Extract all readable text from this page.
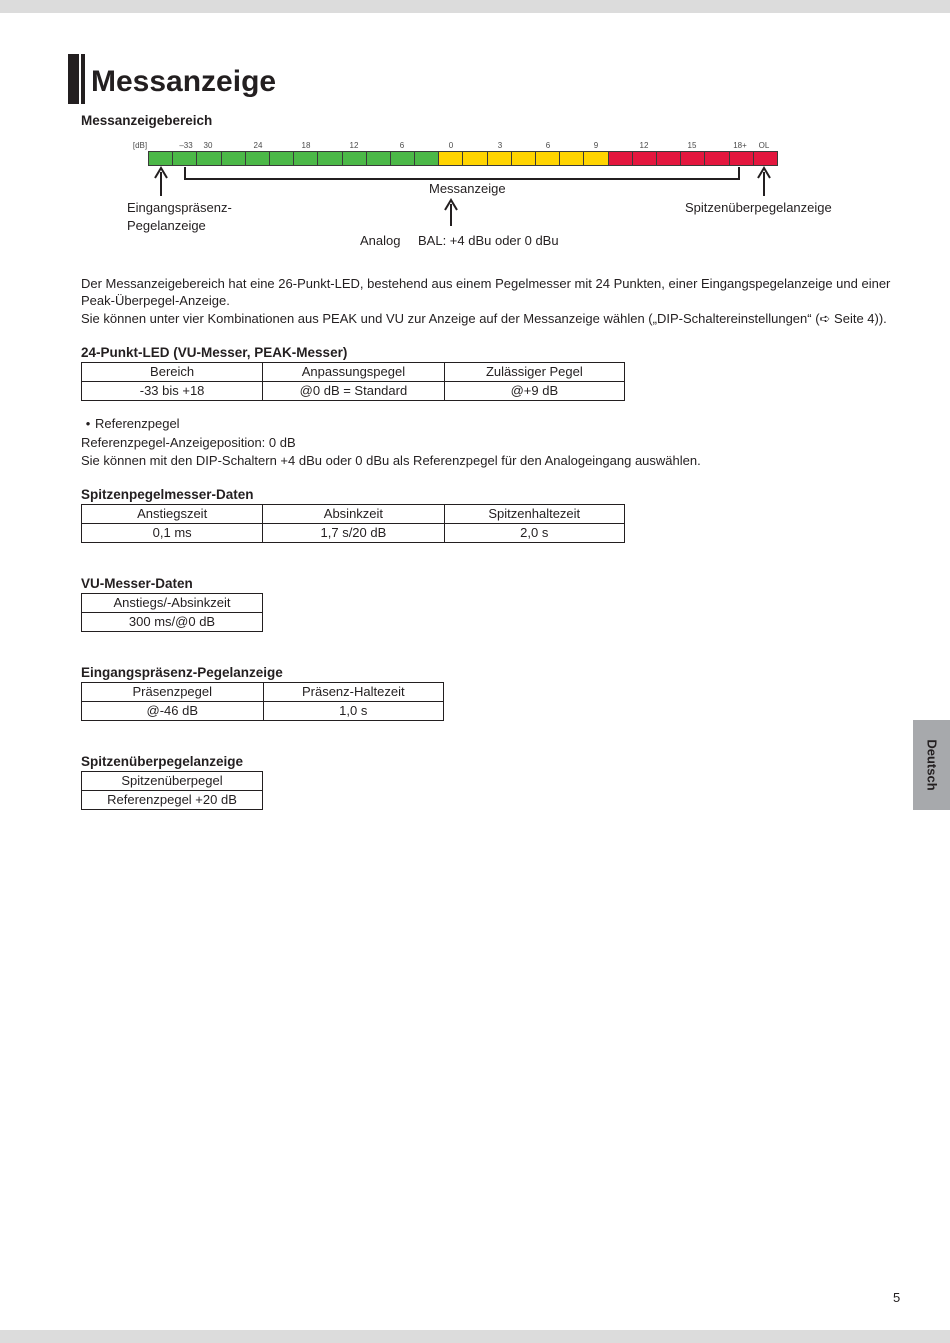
Messanzeige
Messanzeigebereich
[dB]	–33 30	24	18	12	6	0	3	6	9	12	15	18+ OL
Eingangspräsenz-
Pegelanzeige
Messanzeige
Spitzenüberpegelanzeige
Analog BAL: +4 dBu oder 0 dBu

Der Messanzeigebereich hat eine 26-Punkt-LED, bestehend aus einem Pegelmesser mit 24 Punkten, einer Eingangspegelanzeige und einer

Peak-Überpegel-Anzeige.

Sie können unter vier Kombinationen aus PEAK und VU zur Anzeige auf der Messanzeige wählen („DIP-Schaltereinstellungen“ (➪ Seite 4)).

24-Punkt-LED (VU-Messer, PEAK-Messer)
Bereich	Anpassungspegel	Zulässiger Pegel
-33 bis +18	@0 dB = Standard	@+9 dB
• Referenzpegel

Referenzpegel-Anzeigeposition: 0 dB

Sie können mit den DIP-Schaltern +4 dBu oder 0 dBu als Referenzpegel für den Analogeingang auswählen.

Spitzenpegelmesser-Daten
Anstiegszeit	Absinkzeit	Spitzenhaltezeit
0,1 ms	1,7 s/20 dB	2,0 s
VU-Messer-Daten
Anstiegs/-Absinkzeit
300 ms/@0 dB
Eingangspräsenz-Pegelanzeige
Präsenzpegel	Präsenz-Haltezeit
@-46 dB	1,0 s
Spitzenüberpegelanzeige
Spitzenüberpegel
Referenzpegel +20 dB
Deutsch
5
